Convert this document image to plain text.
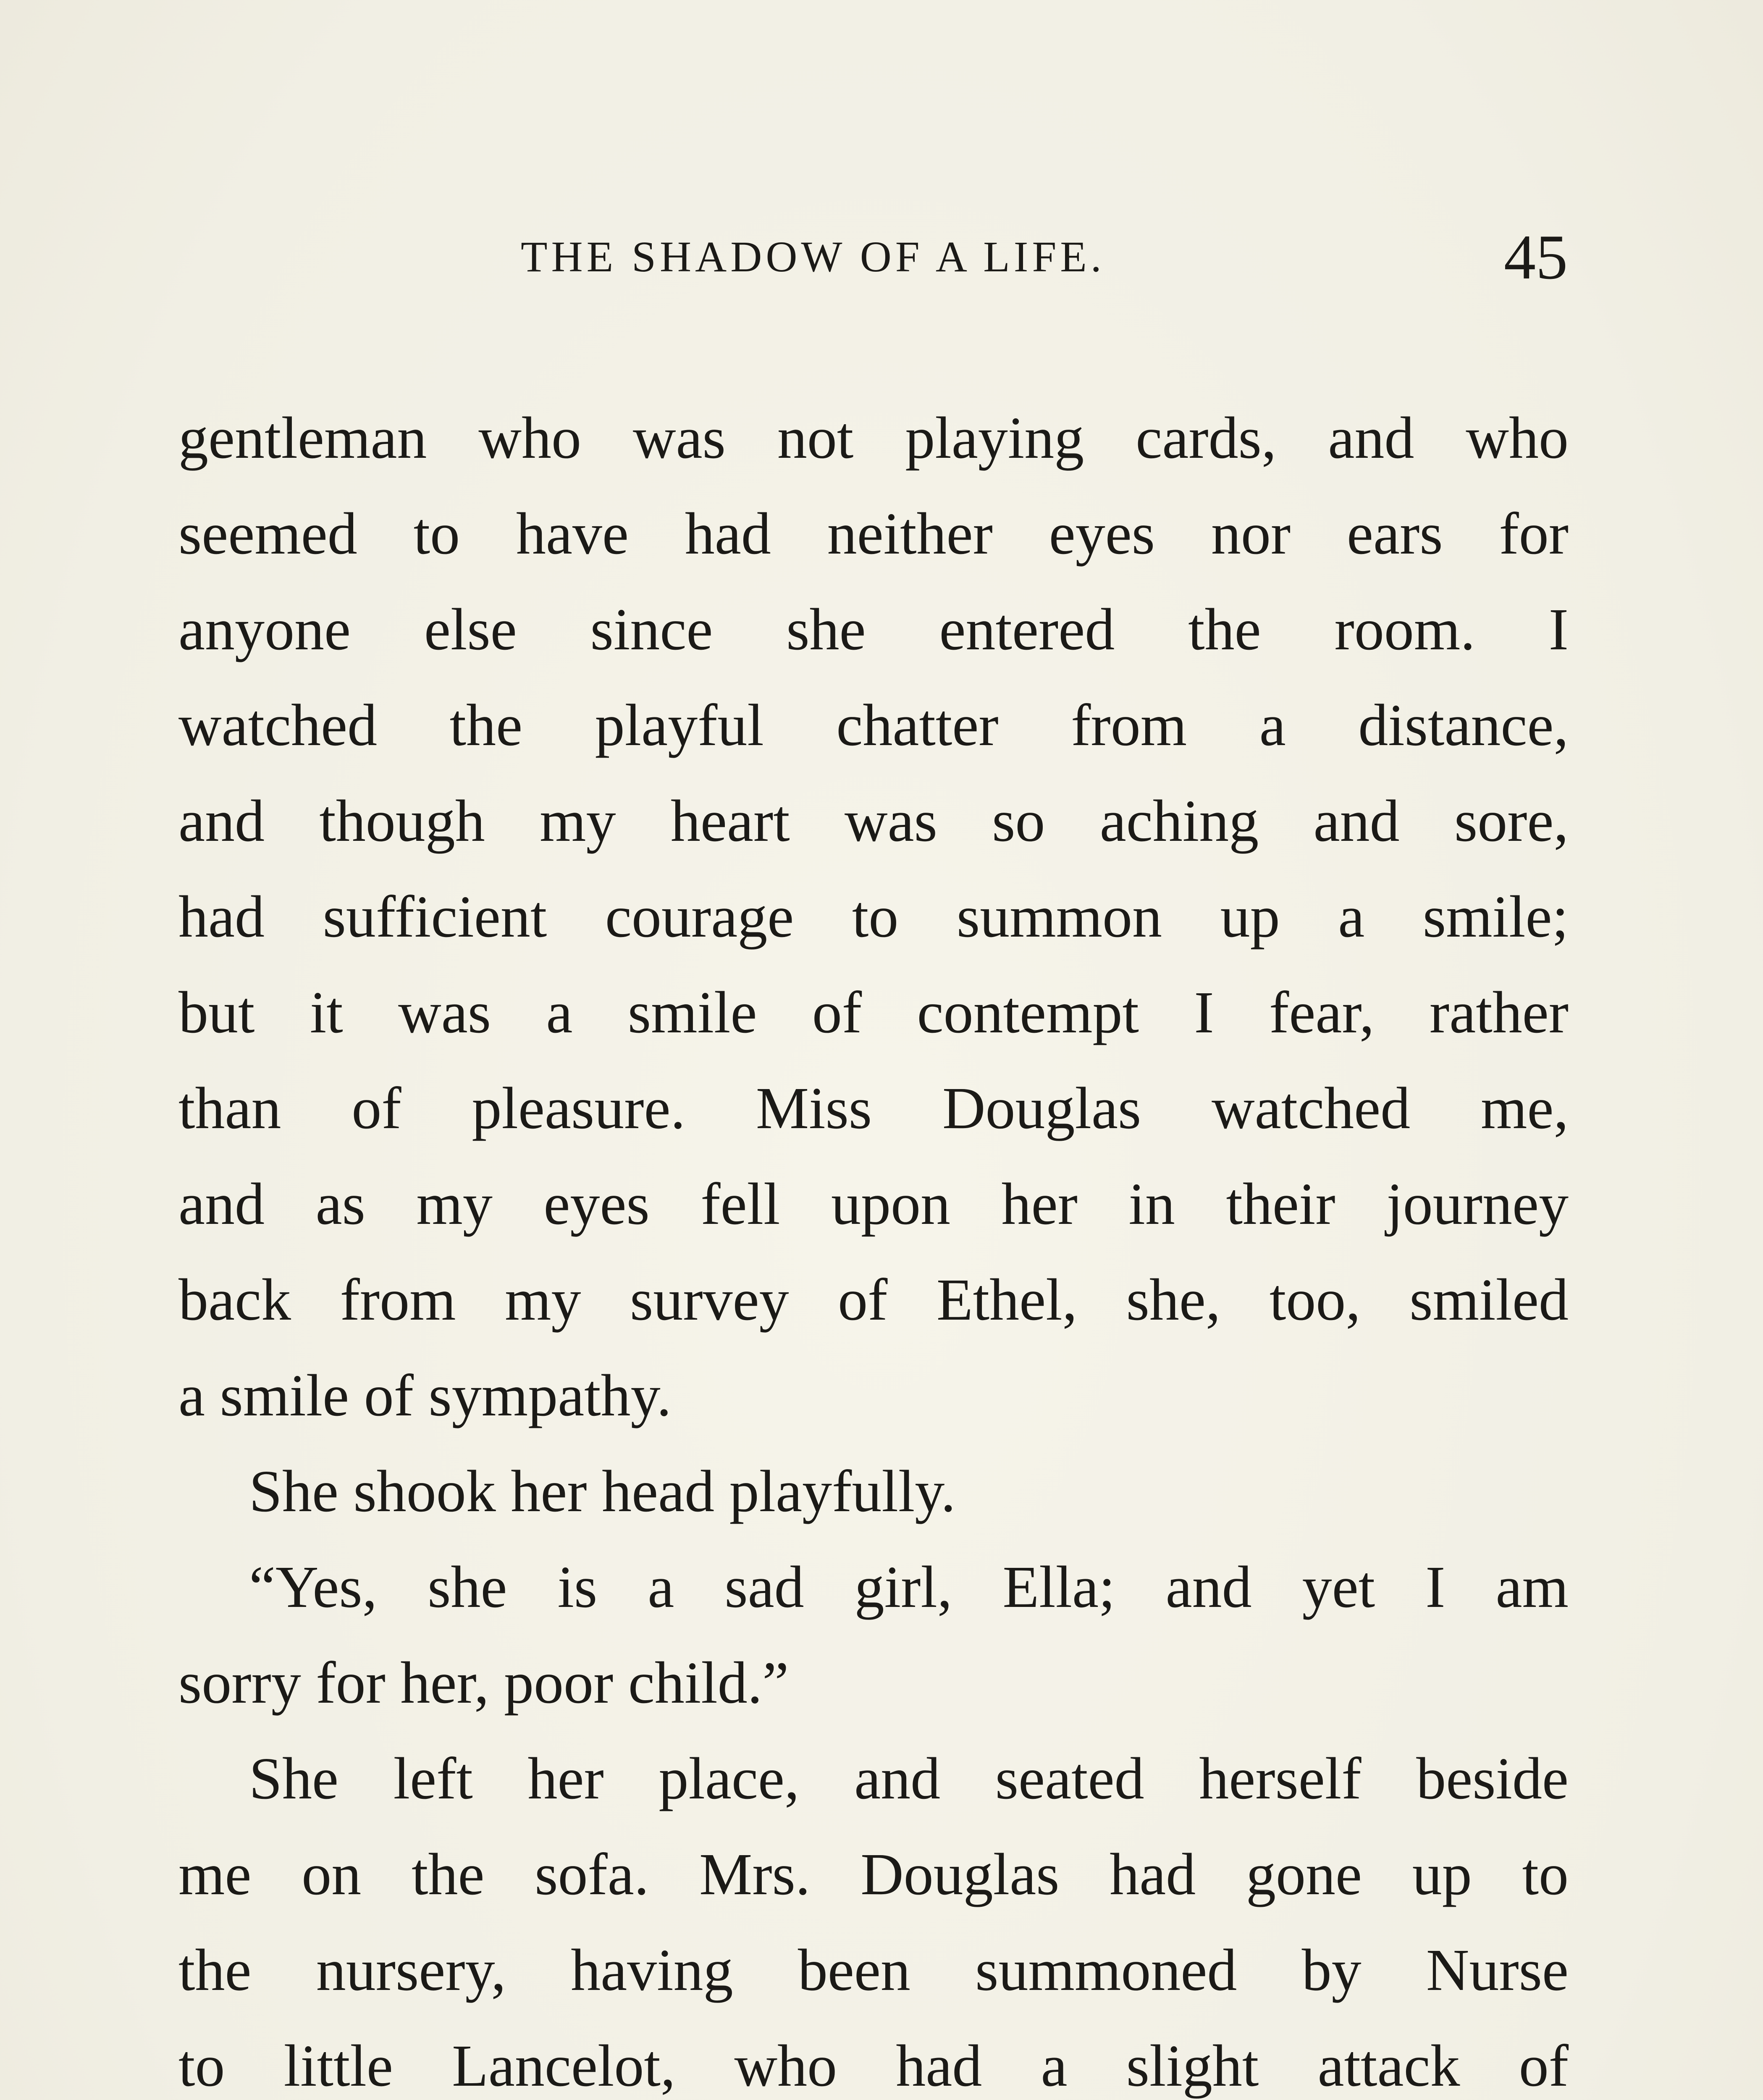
THE SHADOW OF A LIFE.	45
gentleman who was not playing cards, and who
seemed to have had neither eyes nor ears for
anyone else since she entered the room. I
watched the playful chatter from a distance,
and though my heart was so aching and sore,
had sufficient courage to summon up a smile;
but it was a smile of contempt I fear, rather
than of pleasure. Miss Douglas watched me,
and as my eyes fell upon her in their journey
back from my survey of Ethel, she, too, smiled
a smile of sympathy.
She shook her head playfully.
“Yes, she is a sad girl, Ella; and yet I am
sorry for her, poor child.”
She left her place, and seated herself beside
me on the sofa. Mrs. Douglas had gone up to
the nursery, having been summoned by Nurse
to little Lancelot, who had a slight attack of
